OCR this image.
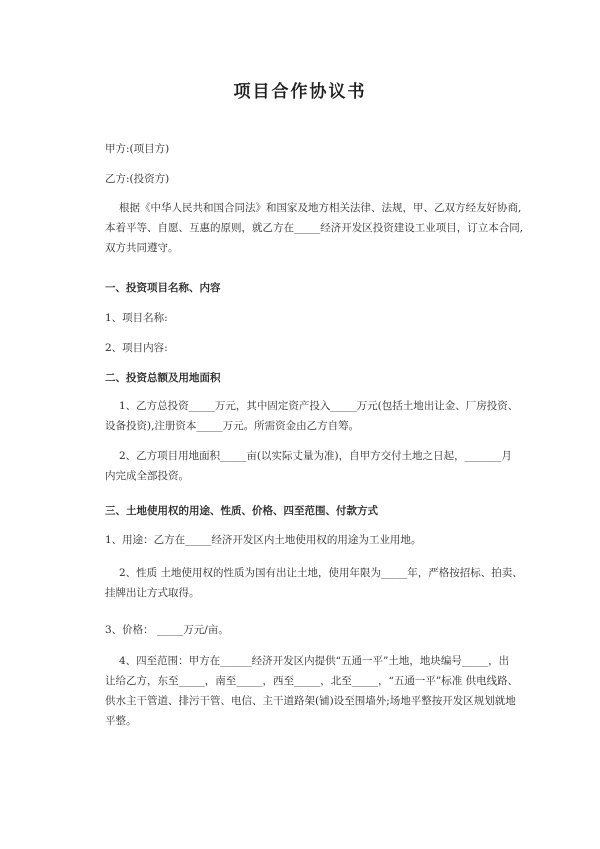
项目合作协议书
甲方:(项目方)
乙方:(投资方)

根据《中华人民共和国合同法》和国家及地方相关法律、法规，甲、乙双方经友好协商,

本着平等、自愿、互惠的原则，就乙方在_____经济开发区投资建设工业项目，订立本合同,

双方共同遵守。

一、投资项目名称、内容
1、项目名称:
2、项目内容:
二、投资总额及用地面积

1、乙方总投资_____万元，其中固定资产投入_____万元(包括土地出让金、厂房投资、

设备投资),注册资本_____万元。所需资金由乙方自筹。

2、乙方项目用地面积_____亩(以实际丈量为准)，自甲方交付土地之日起，_______月

内完成全部投资。

三、土地使用权的用途、性质、价格、四至范围、付款方式
1、用途：乙方在_____经济开发区内土地使用权的用途为工业用地。

2、性质 土地使用权的性质为国有出让土地，使用年限为_____年，严格按招标、拍卖、

挂牌出让方式取得。

3、价格： _____万元/亩。

4、四至范围：甲方在______经济开发区内提供“五通一平”土地，地块编号_____，出

让给乙方，东至_____，南至_____，西至_____，北至_____，“五通一平”标准 供电线路、

供水主干管道、排污干管、电信、主干道路架(铺)设至围墙外;场地平整按开发区规划就地

平整。
